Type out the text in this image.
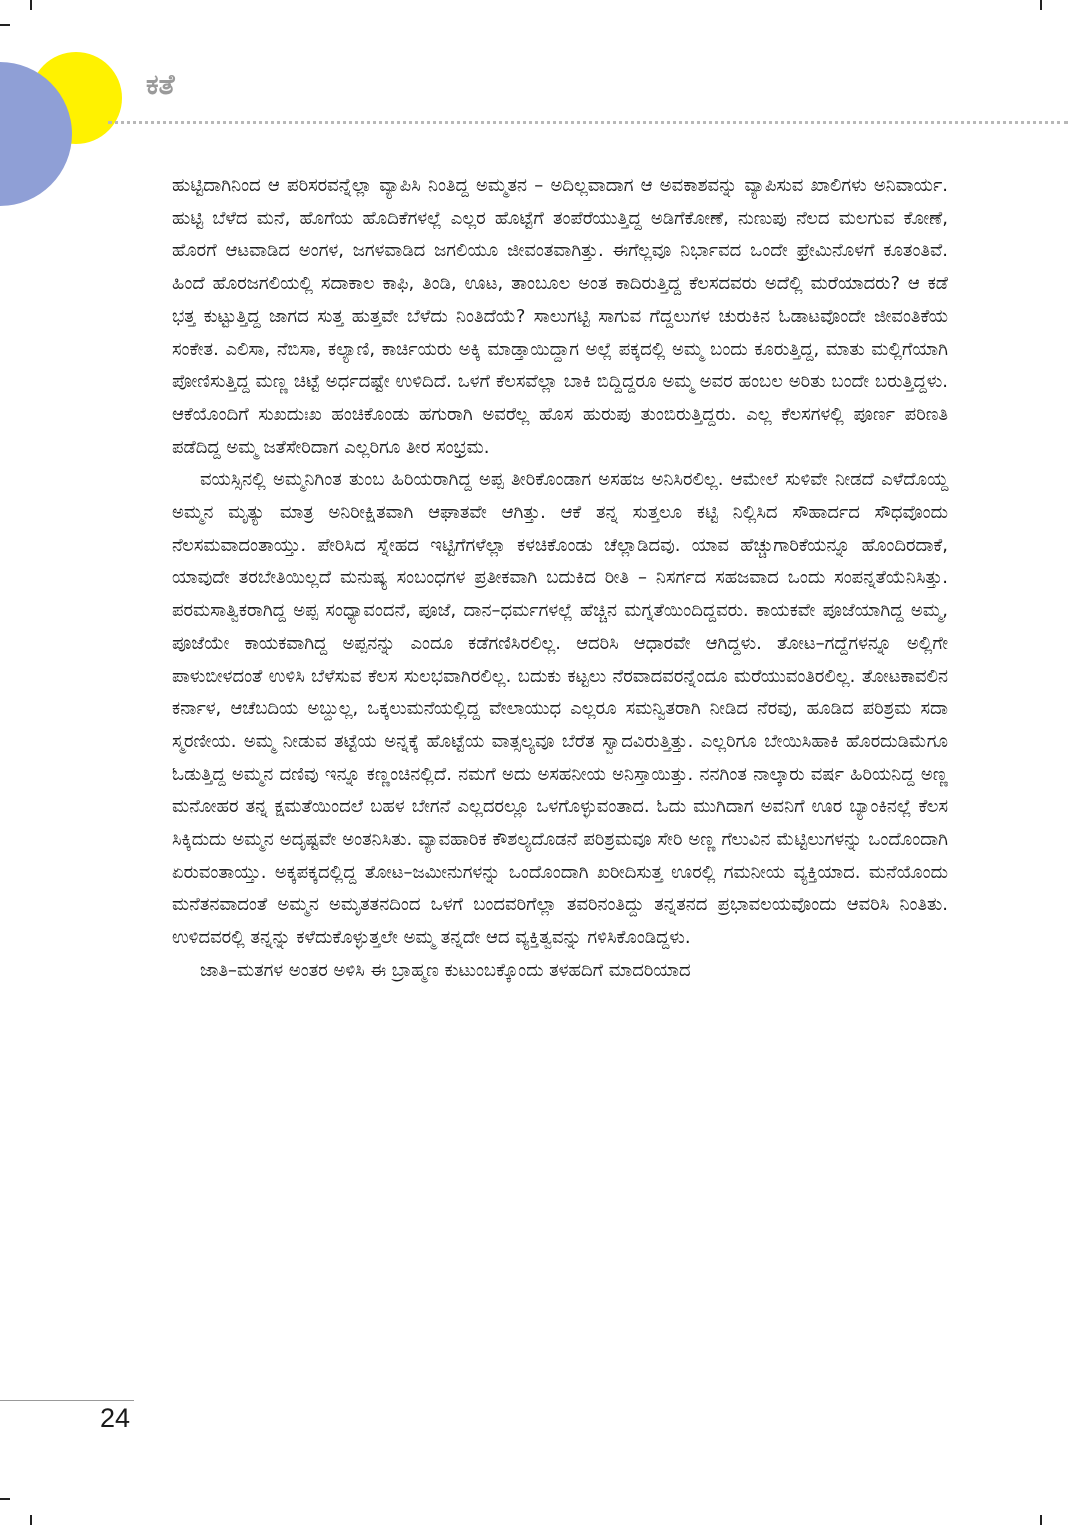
ಕತೆ

ಹುಟ್ಟಿದಾಗಿನಿಂದ ಆ ಪರಿಸರವನ್ನೆಲ್ಲಾ ವ್ಯಾಪಿಸಿ ನಿಂತಿದ್ದ ಅಮ್ಮತನ – ಅದಿಲ್ಲವಾದಾಗ ಆ ಅವಕಾಶವನ್ನು ವ್ಯಾಪಿಸುವ ಖಾಲಿಗಳು ಅನಿವಾರ್ಯ. ಹುಟ್ಟಿ ಬೆಳೆದ ಮನೆ, ಹೊಗೆಯ ಹೊದಿಕೆಗಳಲ್ಲೆ ಎಲ್ಲರ ಹೊಟ್ಟೆಗೆ ತಂಪೆರೆಯುತ್ತಿದ್ದ ಅಡಿಗೆಕೋಣೆ, ನುಣುಪು ನೆಲದ ಮಲಗುವ ಕೋಣೆ, ಹೊರಗೆ ಆಟವಾಡಿದ ಅಂಗಳ, ಜಗಳವಾಡಿದ ಜಗಲಿಯೂ ಜೀವಂತವಾಗಿತ್ತು. ಈಗೆಲ್ಲವೂ ನಿರ್ಭಾವದ ಒಂದೇ ಫ್ರೇಮಿನೊಳಗೆ ಕೂತಂತಿವೆ. ಹಿಂದೆ ಹೊರಜಗಲಿಯಲ್ಲಿ ಸದಾಕಾಲ ಕಾಫಿ, ತಿಂಡಿ, ಊಟ, ತಾಂಬೂಲ ಅಂತ ಕಾದಿರುತ್ತಿದ್ದ ಕೆಲಸದವರು ಅದೆಲ್ಲಿ ಮರೆಯಾದರು? ಆ ಕಡೆ ಭತ್ತ ಕುಟ್ಟುತ್ತಿದ್ದ ಜಾಗದ ಸುತ್ತ ಹುತ್ತವೇ ಬೆಳೆದು ನಿಂತಿದೆಯೆ? ಸಾಲುಗಟ್ಟಿ ಸಾಗುವ ಗೆದ್ದಲುಗಳ ಚುರುಕಿನ ಓಡಾಟವೊಂದೇ ಜೀವಂತಿಕೆಯ ಸಂಕೇತ. ಎಲಿಸಾ, ನೆಬಿಸಾ, ಕಲ್ಯಾಣಿ, ಕಾರ್ಚಿಯರು ಅಕ್ಕಿ ಮಾಡ್ತಾಯಿದ್ದಾಗ ಅಲ್ಲೆ ಪಕ್ಕದಲ್ಲಿ ಅಮ್ಮ ಬಂದು ಕೂರುತ್ತಿದ್ದ, ಮಾತು ಮಲ್ಲಿಗೆಯಾಗಿ ಪೋಣಿಸುತ್ತಿದ್ದ ಮಣ್ಣ ಚಿಟ್ಟೆ ಅರ್ಧದಷ್ಟೇ ಉಳಿದಿದೆ. ಒಳಗೆ ಕೆಲಸವೆಲ್ಲಾ ಬಾಕಿ ಬಿದ್ದಿದ್ದರೂ ಅಮ್ಮ ಅವರ ಹಂಬಲ ಅರಿತು ಬಂದೇ ಬರುತ್ತಿದ್ದಳು. ಆಕೆಯೊಂದಿಗೆ ಸುಖದುಃಖ ಹಂಚಿಕೊಂಡು ಹಗುರಾಗಿ ಅವರೆಲ್ಲ ಹೊಸ ಹುರುಪು ತುಂಬಿರುತ್ತಿದ್ದರು. ಎಲ್ಲ ಕೆಲಸಗಳಲ್ಲಿ ಪೂರ್ಣ ಪರಿಣತಿ ಪಡೆದಿದ್ದ ಅಮ್ಮ ಜತೆಸೇರಿದಾಗ ಎಲ್ಲರಿಗೂ ತೀರ ಸಂಭ್ರಮ.

ವಯಸ್ಸಿನಲ್ಲಿ ಅಮ್ಮನಿಗಿಂತ ತುಂಬ ಹಿರಿಯರಾಗಿದ್ದ ಅಪ್ಪ ತೀರಿಕೊಂಡಾಗ ಅಸಹಜ ಅನಿಸಿರಲಿಲ್ಲ. ಆಮೇಲೆ ಸುಳಿವೇ ನೀಡದೆ ಎಳೆದೊಯ್ದ ಅಮ್ಮನ ಮೃತ್ಯು ಮಾತ್ರ ಅನಿರೀಕ್ಷಿತವಾಗಿ ಆಘಾತವೇ ಆಗಿತ್ತು. ಆಕೆ ತನ್ನ ಸುತ್ತಲೂ ಕಟ್ಟಿ ನಿಲ್ಲಿಸಿದ ಸೌಹಾರ್ದದ ಸೌಧವೊಂದು ನೆಲಸಮವಾದಂತಾಯ್ತು. ಪೇರಿಸಿದ ಸ್ನೇಹದ ಇಟ್ಟಿಗೆಗಳೆಲ್ಲಾ ಕಳಚಿಕೊಂಡು ಚೆಲ್ಲಾಡಿದವು. ಯಾವ ಹೆಚ್ಚುಗಾರಿಕೆಯನ್ನೂ ಹೊಂದಿರದಾಕೆ, ಯಾವುದೇ ತರಬೇತಿಯಿಲ್ಲದೆ ಮನುಷ್ಯ ಸಂಬಂಧಗಳ ಪ್ರತೀಕವಾಗಿ ಬದುಕಿದ ರೀತಿ – ನಿಸರ್ಗದ ಸಹಜವಾದ ಒಂದು ಸಂಪನ್ನತೆಯೆನಿಸಿತ್ತು. ಪರಮಸಾತ್ವಿಕರಾಗಿದ್ದ ಅಪ್ಪ ಸಂಧ್ಯಾವಂದನೆ, ಪೂಜೆ, ದಾನ–ಧರ್ಮಗಳಲ್ಲೆ ಹೆಚ್ಚಿನ ಮಗ್ನತೆಯಿಂದಿದ್ದವರು. ಕಾಯಕವೇ ಪೂಜೆಯಾಗಿದ್ದ ಅಮ್ಮ, ಪೂಜೆಯೇ ಕಾಯಕವಾಗಿದ್ದ ಅಪ್ಪನನ್ನು ಎಂದೂ ಕಡೆಗಣಿಸಿರಲಿಲ್ಲ. ಆದರಿಸಿ ಆಧಾರವೇ ಆಗಿದ್ದಳು. ತೋಟ–ಗದ್ದೆಗಳನ್ನೂ ಅಲ್ಲಿಗೇ ಪಾಳುಬೀಳದಂತೆ ಉಳಿಸಿ ಬೆಳೆಸುವ ಕೆಲಸ ಸುಲಭವಾಗಿರಲಿಲ್ಲ. ಬದುಕು ಕಟ್ಟಲು ನೆರವಾದವರನ್ನೆಂದೂ ಮರೆಯುವಂತಿರಲಿಲ್ಲ. ತೋಟಕಾವಲಿನ ಕರ್ನಾಳ, ಆಚೆಬದಿಯ ಅಬ್ದುಲ್ಲ, ಒಕ್ಕಲುಮನೆಯಲ್ಲಿದ್ದ ವೇಲಾಯುಧ ಎಲ್ಲರೂ ಸಮನ್ವಿತರಾಗಿ ನೀಡಿದ ನೆರವು, ಹೂಡಿದ ಪರಿಶ್ರಮ ಸದಾ ಸ್ಮರಣೀಯ. ಅಮ್ಮ ನೀಡುವ ತಟ್ಟೆಯ ಅನ್ನಕ್ಕೆ ಹೊಟ್ಟೆಯ ವಾತ್ಸಲ್ಯವೂ ಬೆರೆತ ಸ್ವಾದವಿರುತ್ತಿತ್ತು. ಎಲ್ಲರಿಗೂ ಬೇಯಿಸಿಹಾಕಿ ಹೊರದುಡಿಮೆಗೂ ಓಡುತ್ತಿದ್ದ ಅಮ್ಮನ ದಣಿವು ಇನ್ನೂ ಕಣ್ಣಂಚಿನಲ್ಲಿದೆ. ನಮಗೆ ಅದು ಅಸಹನೀಯ ಅನಿಸ್ತಾಯಿತ್ತು. ನನಗಿಂತ ನಾಲ್ಕಾರು ವರ್ಷ ಹಿರಿಯನಿದ್ದ ಅಣ್ಣ ಮನೋಹರ ತನ್ನ ಕ್ಷಮತೆಯಿಂದಲೆ ಬಹಳ ಬೇಗನೆ ಎಲ್ಲದರಲ್ಲೂ ಒಳಗೊಳ್ಳುವಂತಾದ. ಓದು ಮುಗಿದಾಗ ಅವನಿಗೆ ಊರ ಬ್ಯಾಂಕಿನಲ್ಲೆ ಕೆಲಸ ಸಿಕ್ಕಿದುದು ಅಮ್ಮನ ಅದೃಷ್ಟವೇ ಅಂತನಿಸಿತು. ವ್ಯಾವಹಾರಿಕ ಕೌಶಲ್ಯದೊಡನೆ ಪರಿಶ್ರಮವೂ ಸೇರಿ ಅಣ್ಣ ಗೆಲುವಿನ ಮೆಟ್ಟಿಲುಗಳನ್ನು ಒಂದೊಂದಾಗಿ ಏರುವಂತಾಯ್ತು. ಅಕ್ಕಪಕ್ಕದಲ್ಲಿದ್ದ ತೋಟ–ಜಮೀನುಗಳನ್ನು ಒಂದೊಂದಾಗಿ ಖರೀದಿಸುತ್ತ ಊರಲ್ಲಿ ಗಮನೀಯ ವ್ಯಕ್ತಿಯಾದ. ಮನೆಯೊಂದು ಮನೆತನವಾದಂತೆ ಅಮ್ಮನ ಅಮೃತತನದಿಂದ ಒಳಗೆ ಬಂದವರಿಗೆಲ್ಲಾ ತವರಿನಂತಿದ್ದು ತನ್ನತನದ ಪ್ರಭಾವಲಯವೊಂದು ಆವರಿಸಿ ನಿಂತಿತು. ಉಳಿದವರಲ್ಲಿ ತನ್ನನ್ನು ಕಳೆದುಕೊಳ್ಳುತ್ತಲೇ ಅಮ್ಮ ತನ್ನದೇ ಆದ ವ್ಯಕ್ತಿತ್ವವನ್ನು ಗಳಿಸಿಕೊಂಡಿದ್ದಳು.

ಜಾತಿ–ಮತಗಳ ಅಂತರ ಅಳಿಸಿ ಈ ಬ್ರಾಹ್ಮಣ ಕುಟುಂಬಕ್ಕೊಂದು ತಳಹದಿಗೆ ಮಾದರಿಯಾದ

24
